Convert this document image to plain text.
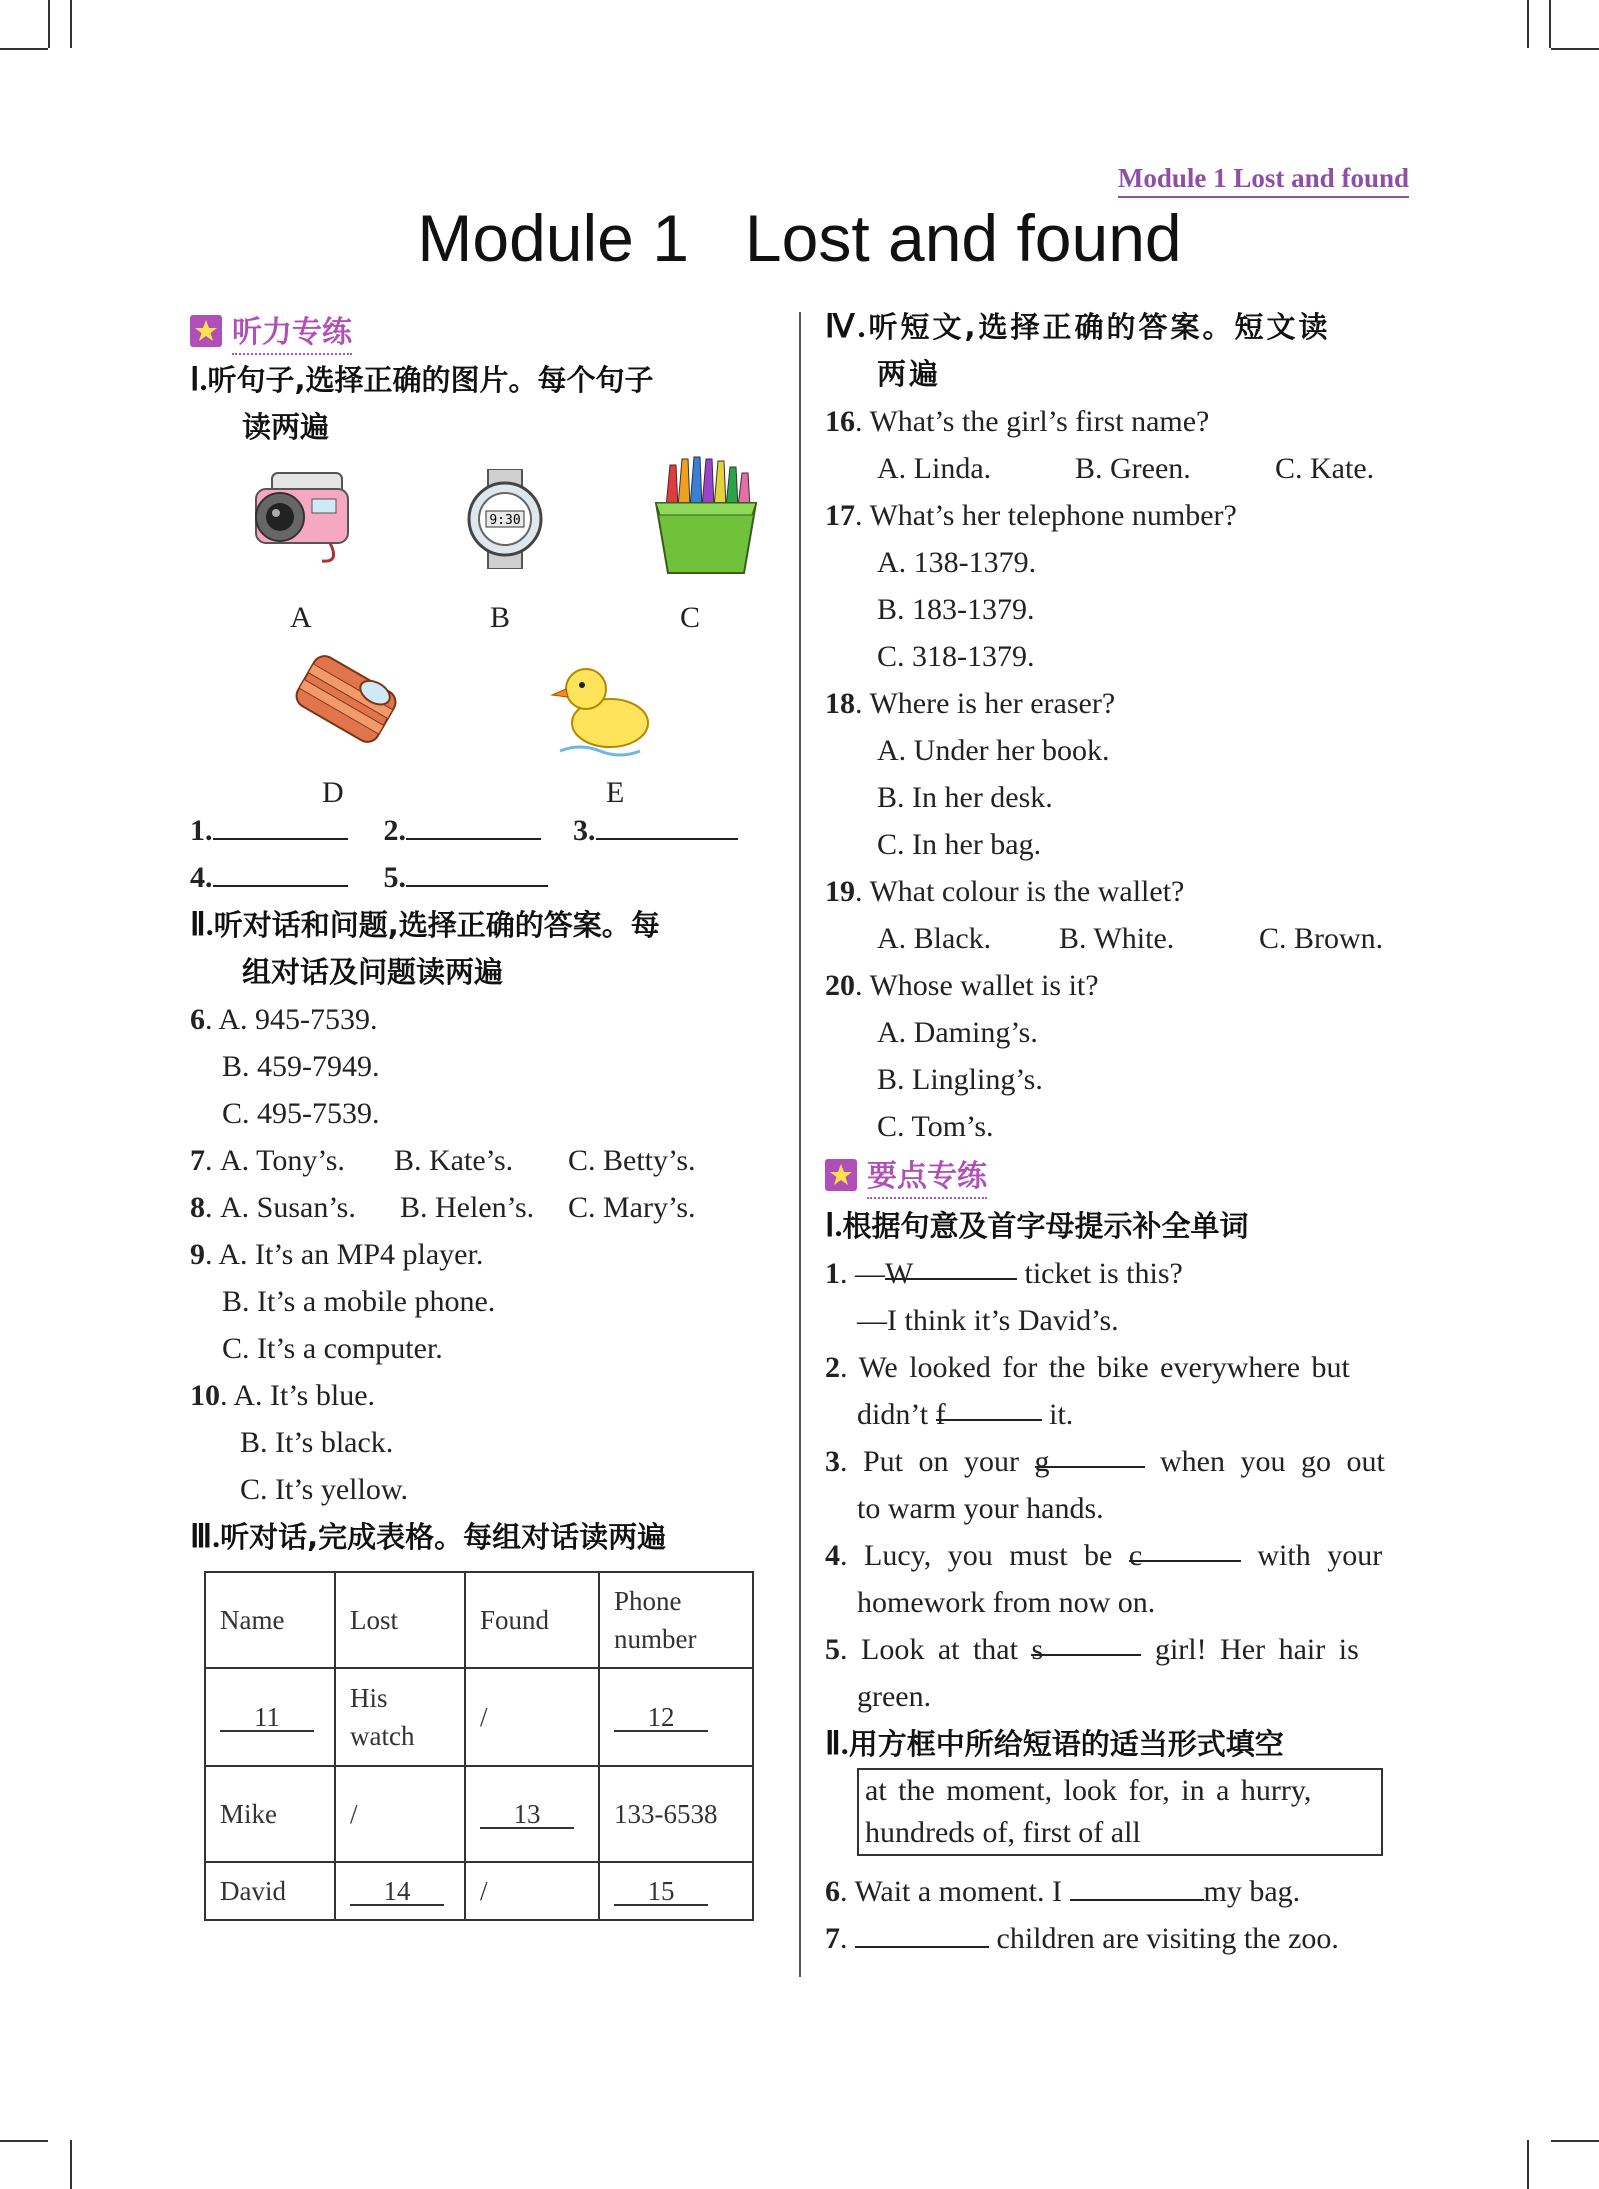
Module 1 Lost and found
Module 1 Lost and found
听力专练
Ⅰ.听句子,选择正确的图片。每个句子
读两遍
9:30
A	B	C
D	E
1.	2.	3.
4.	5.
Ⅱ.听对话和问题,选择正确的答案。每
组对话及问题读两遍
6. A. 945-7539.
B. 459-7949.
C. 495-7539.
7. A. Tony’s. B. Kate’s. C. Betty’s.
8. A. Susan’s. B. Helen’s. C. Mary’s.
9. A. It’s an MP4 player.
B. It’s a mobile phone.
C. It’s a computer.
10. A. It’s blue.
B. It’s black.
C. It’s yellow.
Ⅲ.听对话,完成表格。每组对话读两遍
Name	Lost	Found	Phone number
11	His watch	/	12
Mike	/	13	133-6538
David	14	/	15
Ⅳ.听短文,选择正确的答案。短文读
两遍
16. What’s the girl’s first name?
A. Linda.	B. Green.	C. Kate.
17. What’s her telephone number?
A. 138-1379.
B. 183-1379.
C. 318-1379.
18. Where is her eraser?
A. Under her book.
B. In her desk.
C. In her bag.
19. What colour is the wallet?
A. Black. B. White.	C. Brown.
20. Whose wallet is it?
A. Daming’s.
B. Lingling’s.
C. Tom’s.
要点专练
Ⅰ.根据句意及首字母提示补全单词
1. —W	ticket is this?
—I think it’s David’s.
2. We looked for the bike everywhere but
didn’t f	it.
3. Put on your g	when you go out
to warm your hands.
4. Lucy, you must be c	with your
homework from now on.
5. Look at that s	girl! Her hair is
green.
Ⅱ.用方框中所给短语的适当形式填空
at the moment, look for, in a hurry,
hundreds of, first of all
6. Wait a moment. I	my bag.
7.	children are visiting the zoo.
